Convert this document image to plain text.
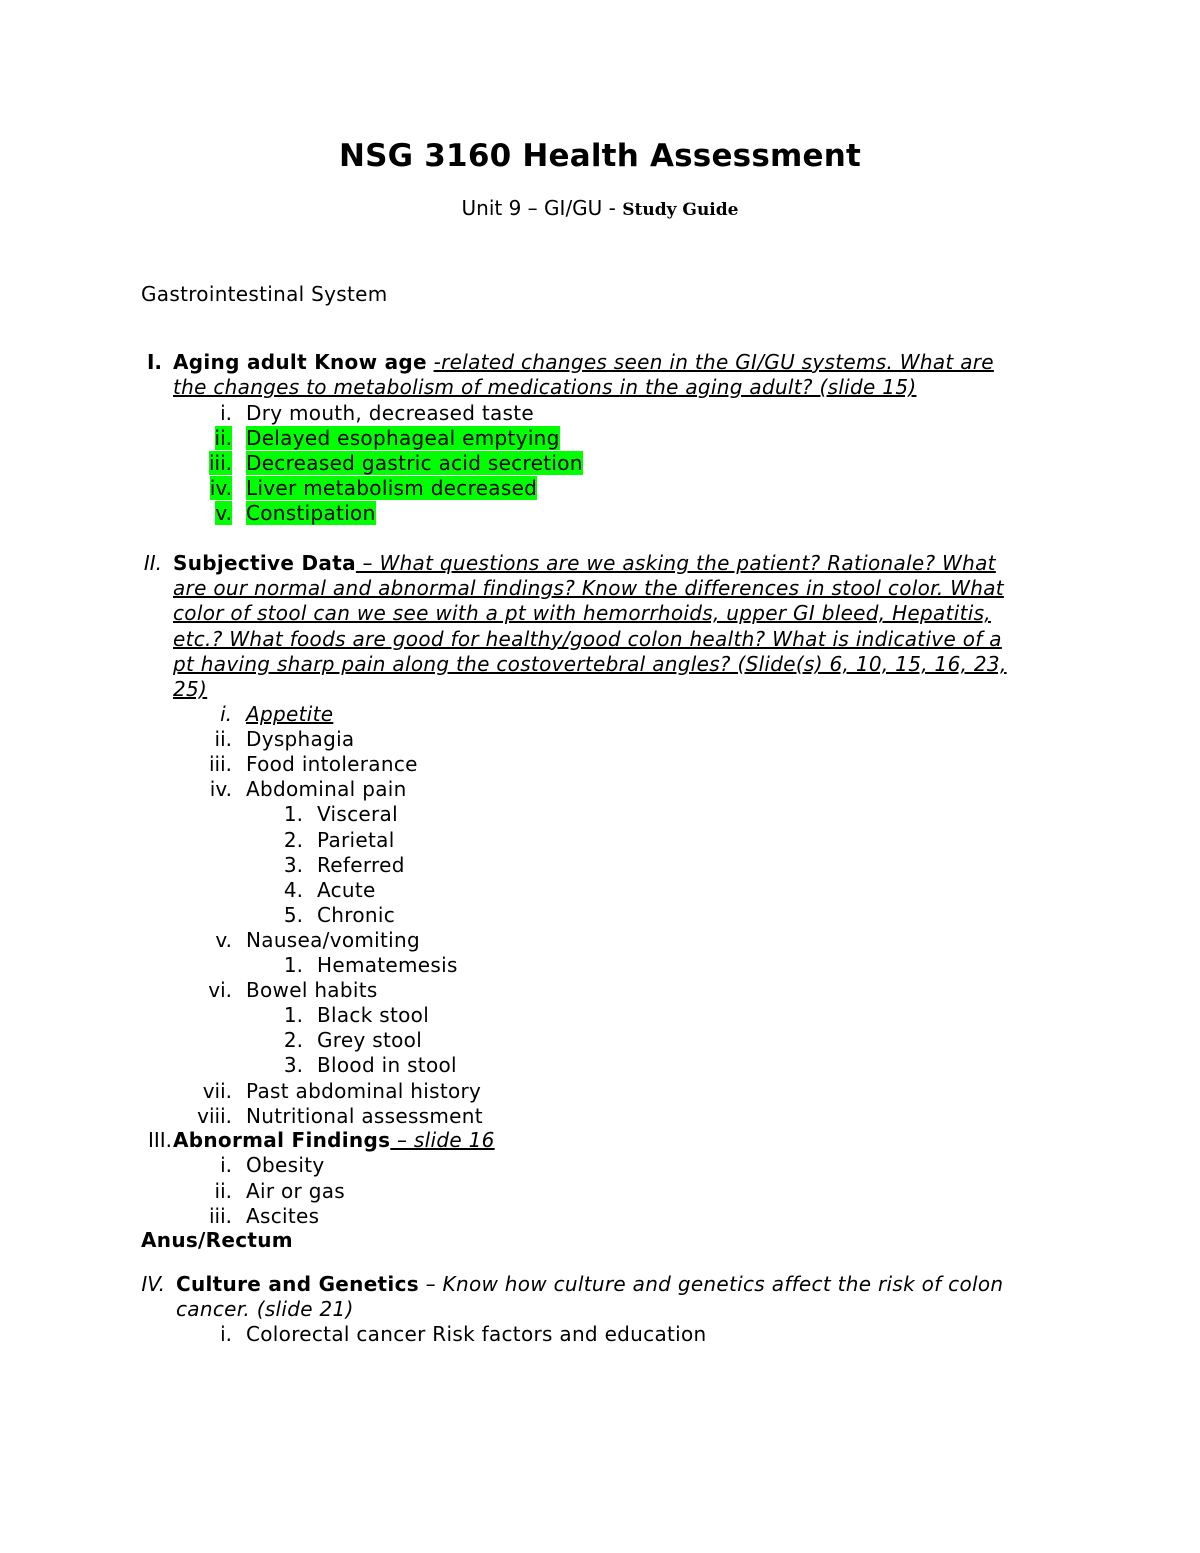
NSG 3160 Health Assessment
Unit 9 – GI/GU - Study Guide
Gastrointestinal System
I. Aging adult Know age -related changes seen in the GI/GU systems. What are
the changes to metabolism of medications in the aging adult? (slide 15)
i. Dry mouth, decreased taste
ii. Delayed esophageal emptying
iii. Decreased gastric acid secretion
iv. Liver metabolism decreased
v. Constipation
II. Subjective Data – What questions are we asking the patient? Rationale? What
are our normal and abnormal findings? Know the differences in stool color. What
color of stool can we see with a pt with hemorrhoids, upper GI bleed, Hepatitis,
etc.? What foods are good for healthy/good colon health? What is indicative of a
pt having sharp pain along the costovertebral angles? (Slide(s) 6, 10, 15, 16, 23,
25)
i. Appetite
ii. Dysphagia
iii. Food intolerance
iv. Abdominal pain
1. Visceral
2. Parietal
3. Referred
4. Acute
5. Chronic
v. Nausea/vomiting
1. Hematemesis
vi. Bowel habits
1. Black stool
2. Grey stool
3. Blood in stool
vii. Past abdominal history
viii. Nutritional assessment
III. Abnormal Findings – slide 16
i. Obesity
ii. Air or gas
iii. Ascites
Anus/Rectum
IV. Culture and Genetics – Know how culture and genetics affect the risk of colon
cancer. (slide 21)
i. Colorectal cancer Risk factors and education
